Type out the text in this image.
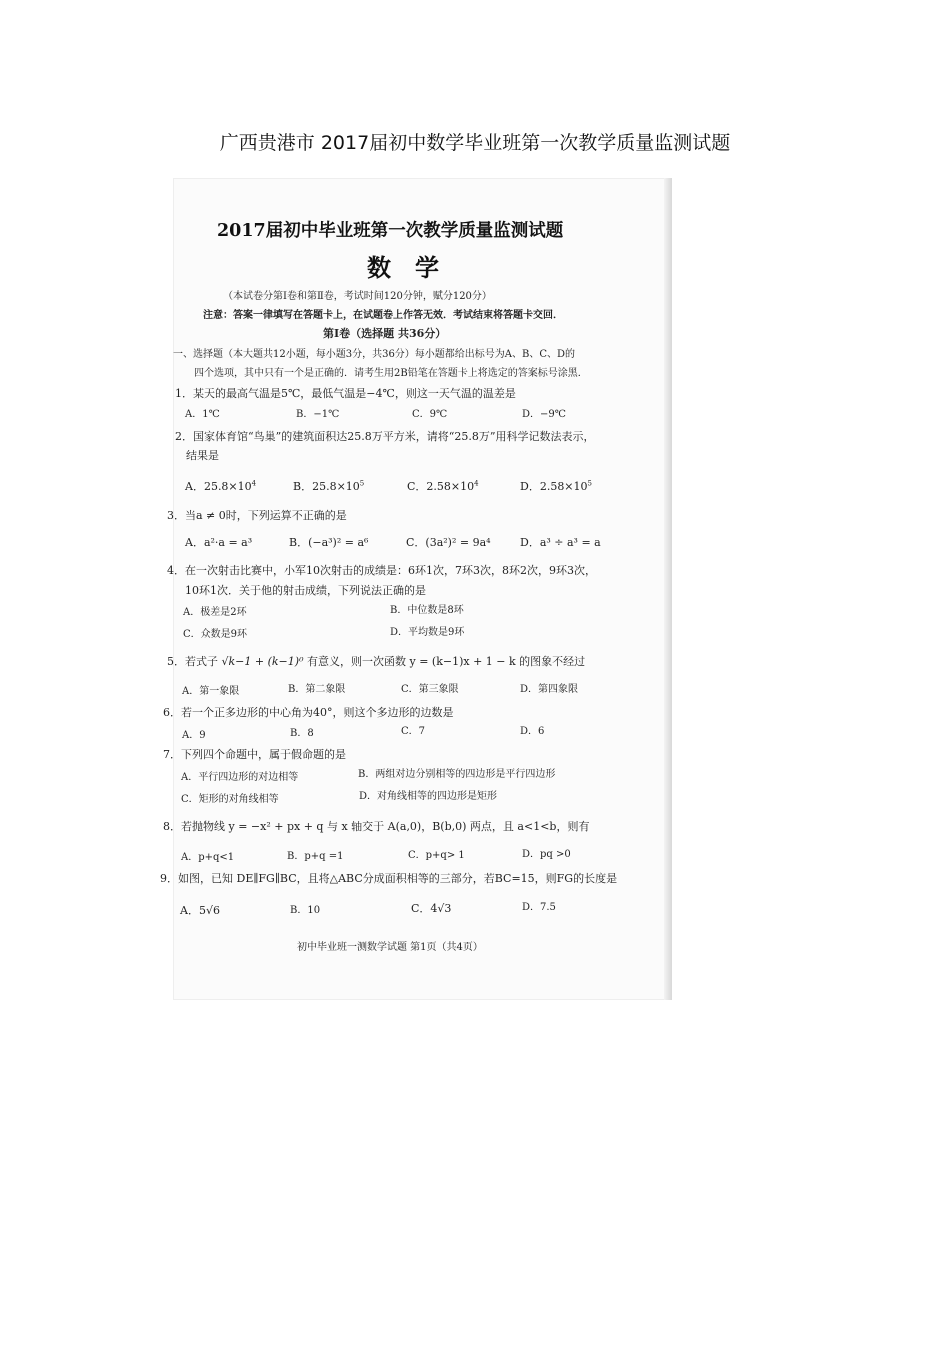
广西贵港市 2017届初中数学毕业班第一次教学质量监测试题
2017届初中毕业班第一次教学质量监测试题
数学
（本试卷分第Ⅰ卷和第Ⅱ卷，考试时间120分钟，赋分120分）
注意：答案一律填写在答题卡上，在试题卷上作答无效．考试结束将答题卡交回．
第Ⅰ卷（选择题 共36分）
一、选择题（本大题共12小题，每小题3分，共36分）每小题都给出标号为A、B、C、D的
四个选项，其中只有一个是正确的．请考生用2B铅笔在答题卡上将选定的答案标号涂黑．
1．某天的最高气温是5℃，最低气温是−4℃，则这一天气温的温差是
A．1℃	B．−1℃	C．9℃	D．−9℃
2．国家体育馆“鸟巢”的建筑面积达25.8万平方米，请将“25.8万”用科学记数法表示，
结果是
A．$25.8\times 10^4$	B．$25.8\times 10^5$	C．$2.58\times 10^4$	D．$2.58\times 10^5$
3．当a ≠ 0时，下列运算不正确的是
A．a²·a = a³	B．(−a³)² = a⁶	C．(3a²)² = 9a⁴	D．a³ ÷ a³ = a
4．在一次射击比赛中，小军10次射击的成绩是：6环1次，7环3次，8环2次，9环3次，
10环1次．关于他的射击成绩，下列说法正确的是
A．极差是2环	B．中位数是8环
C．众数是9环	D．平均数是9环
5．若式子 √k−1 + (k−1)⁰ 有意义，则一次函数 y = (k−1)x + 1 − k 的图象不经过
A．第一象限	B．第二象限	C．第三象限	D．第四象限
6．若一个正多边形的中心角为40°，则这个多边形的边数是
A．9	B．8	C．7	D．6
7．下列四个命题中，属于假命题的是
A．平行四边形的对边相等	B．两组对边分别相等的四边形是平行四边形
C．矩形的对角线相等	D．对角线相等的四边形是矩形
8．若抛物线 y = −x² + px + q 与 x 轴交于 A(a,0)，B(b,0) 两点，且 a<1<b，则有
A．p+q<1	B．p+q =1	C．p+q> 1	D．pq >0
9．如图，已知 DE∥FG∥BC，且将△ABC分成面积相等的三部分，若BC=15，则FG的长度是
A．5√6	B．10	C．4√3	D．7.5
初中毕业班一测数学试题 第1页（共4页）
